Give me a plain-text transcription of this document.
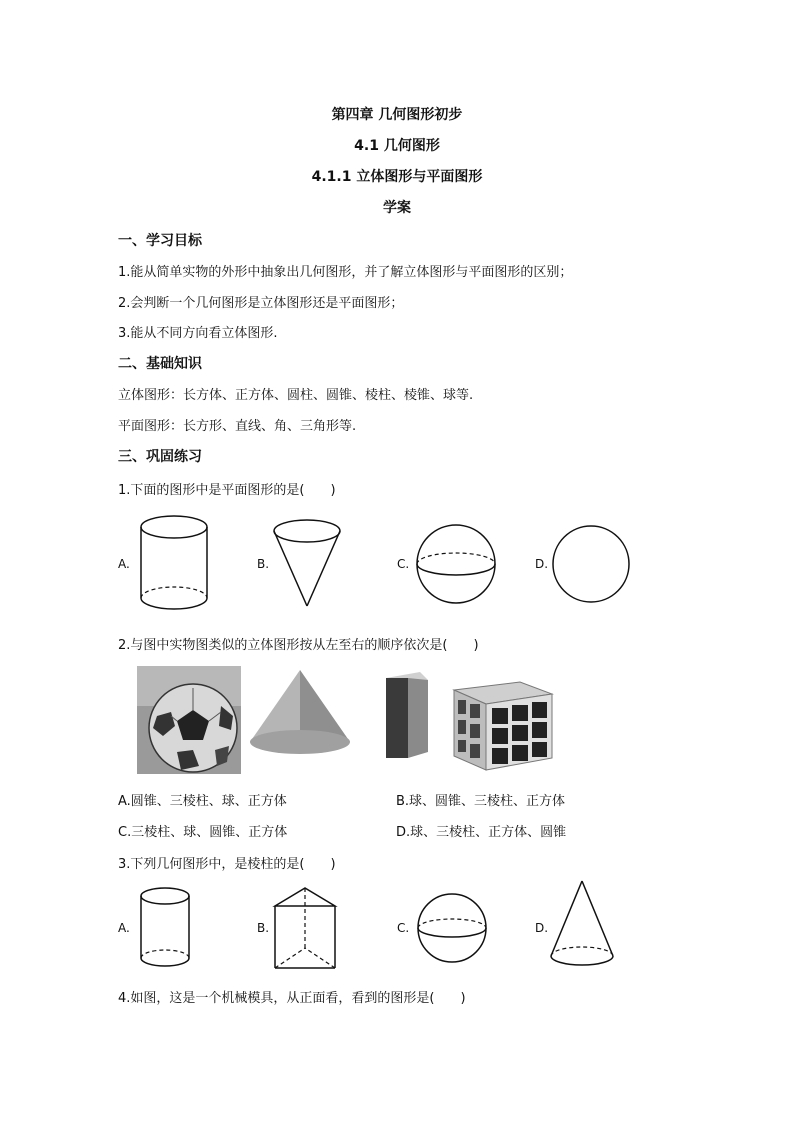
第四章 几何图形初步
4.1 几何图形
4.1.1 立体图形与平面图形
学案
一、学习目标
1.能从简单实物的外形中抽象出几何图形，并了解立体图形与平面图形的区别；
2.会判断一个几何图形是立体图形还是平面图形；
3.能从不同方向看立体图形.
二、基础知识
立体图形：长方体、正方体、圆柱、圆锥、棱柱、棱锥、球等.
平面图形：长方形、直线、角、三角形等.
三、巩固练习
1.下面的图形中是平面图形的是(　　)
A.	B.	C.	D.
2.与图中实物图类似的立体图形按从左至右的顺序依次是(　　)
A.圆锥、三棱柱、球、正方体	B.球、圆锥、三棱柱、正方体
C.三棱柱、球、圆锥、正方体	D.球、三棱柱、正方体、圆锥
3.下列几何图形中，是棱柱的是(　　)
A.	B.	C.	D.
4.如图，这是一个机械模具，从正面看，看到的图形是(　　)
